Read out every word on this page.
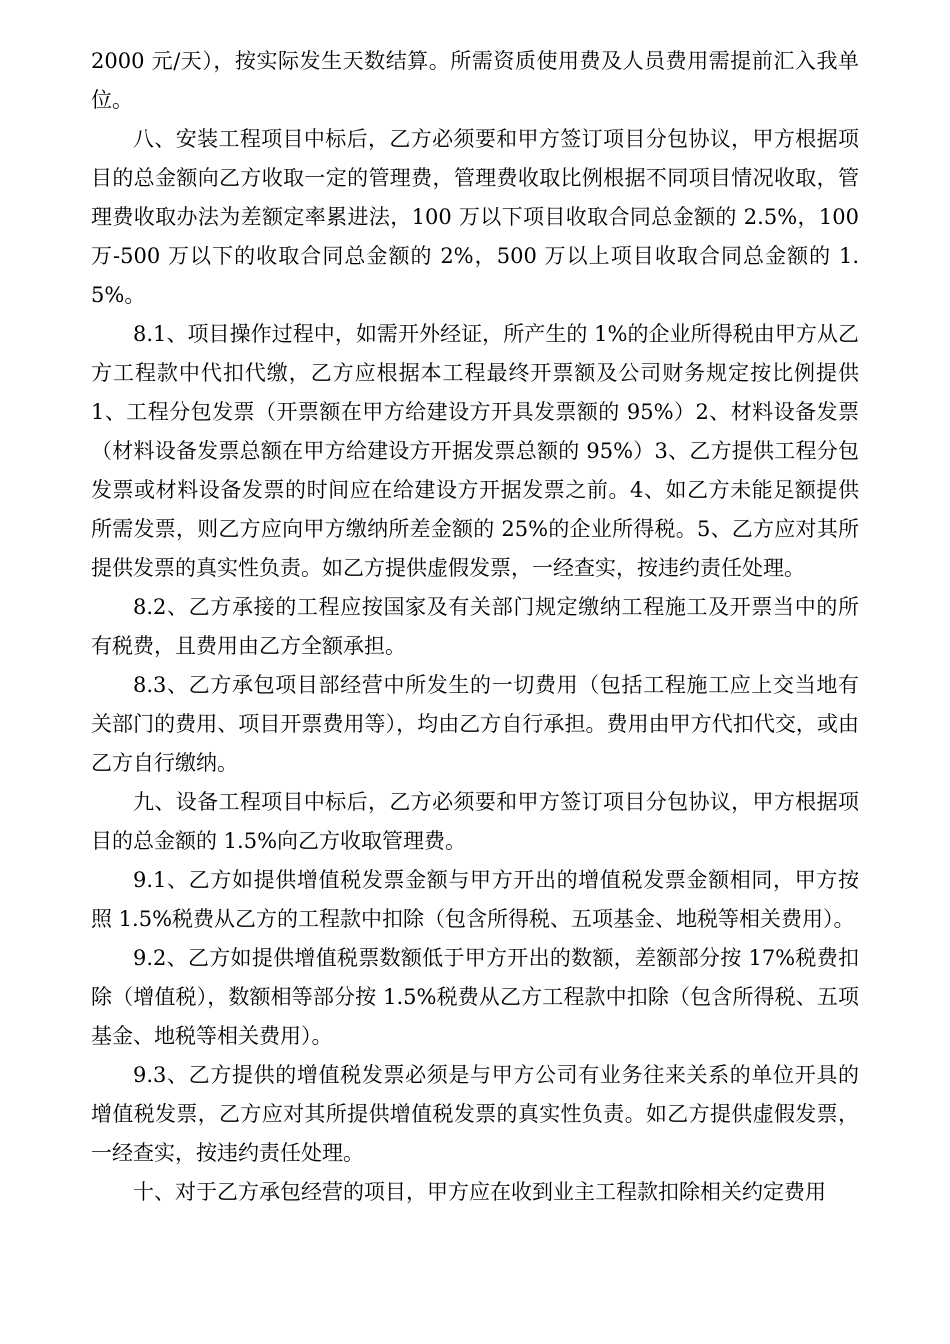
2000 元/天），按实际发生天数结算。所需资质使用费及人员费用需提前汇入我单位。

八、安装工程项目中标后，乙方必须要和甲方签订项目分包协议，甲方根据项目的总金额向乙方收取一定的管理费，管理费收取比例根据不同项目情况收取，管理费收取办法为差额定率累进法，100 万以下项目收取合同总金额的 2.5%，100 万-500 万以下的收取合同总金额的 2%，500 万以上项目收取合同总金额的 1.5%。

8.1、项目操作过程中，如需开外经证，所产生的 1%的企业所得税由甲方从乙方工程款中代扣代缴，乙方应根据本工程最终开票额及公司财务规定按比例提供 1、工程分包发票（开票额在甲方给建设方开具发票额的 95%）2、材料设备发票（材料设备发票总额在甲方给建设方开据发票总额的 95%）3、乙方提供工程分包发票或材料设备发票的时间应在给建设方开据发票之前。4、如乙方未能足额提供所需发票，则乙方应向甲方缴纳所差金额的 25%的企业所得税。5、乙方应对其所提供发票的真实性负责。如乙方提供虚假发票，一经查实，按违约责任处理。

8.2、乙方承接的工程应按国家及有关部门规定缴纳工程施工及开票当中的所有税费，且费用由乙方全额承担。

8.3、乙方承包项目部经营中所发生的一切费用（包括工程施工应上交当地有关部门的费用、项目开票费用等），均由乙方自行承担。费用由甲方代扣代交，或由乙方自行缴纳。

九、设备工程项目中标后，乙方必须要和甲方签订项目分包协议，甲方根据项目的总金额的 1.5%向乙方收取管理费。

9.1、乙方如提供增值税发票金额与甲方开出的增值税发票金额相同，甲方按照 1.5%税费从乙方的工程款中扣除（包含所得税、五项基金、地税等相关费用）。

9.2、乙方如提供增值税票数额低于甲方开出的数额，差额部分按 17%税费扣除（增值税），数额相等部分按 1.5%税费从乙方工程款中扣除（包含所得税、五项基金、地税等相关费用）。

9.3、乙方提供的增值税发票必须是与甲方公司有业务往来关系的单位开具的增值税发票，乙方应对其所提供增值税发票的真实性负责。如乙方提供虚假发票，一经查实，按违约责任处理。

十、对于乙方承包经营的项目，甲方应在收到业主工程款扣除相关约定费用
